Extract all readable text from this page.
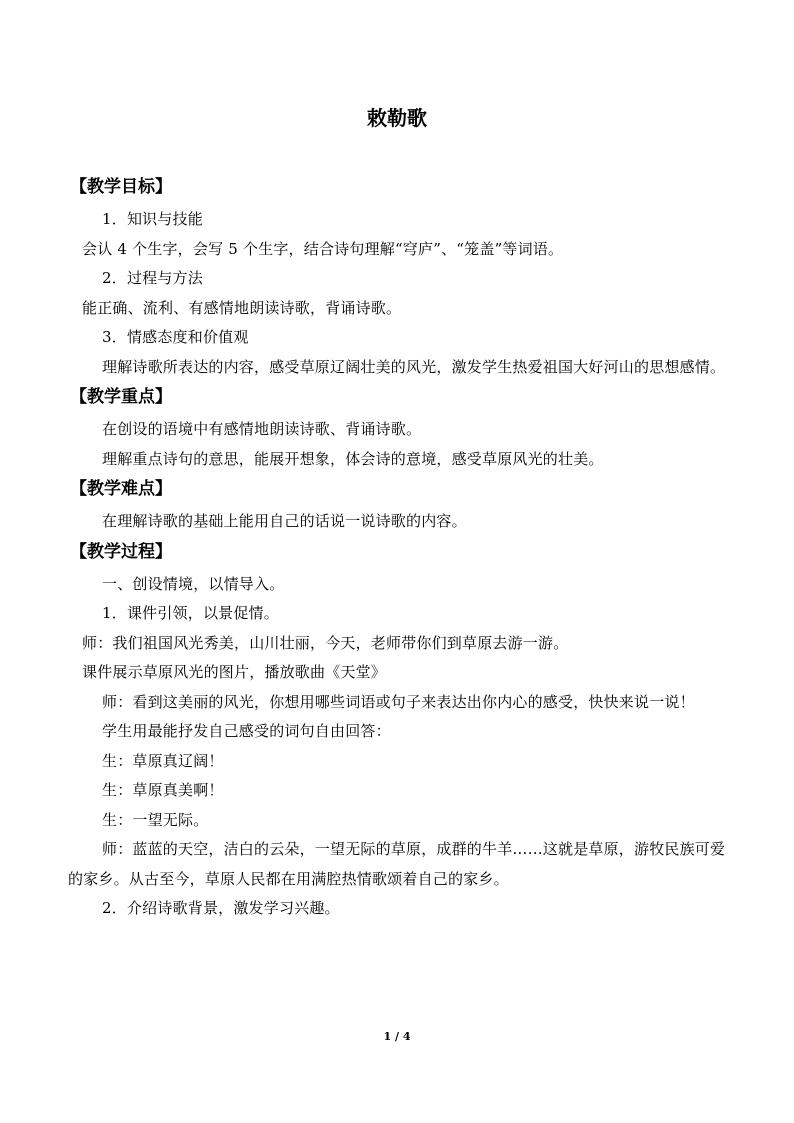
敕勒歌
【教学目标】

1．知识与技能

会认 4 个生字，会写 5 个生字，结合诗句理解“穹庐”、“笼盖”等词语。

2．过程与方法

能正确、流利、有感情地朗读诗歌，背诵诗歌。

3．情感态度和价值观

理解诗歌所表达的内容，感受草原辽阔壮美的风光，激发学生热爱祖国大好河山的思想感情。

【教学重点】

在创设的语境中有感情地朗读诗歌、背诵诗歌。

理解重点诗句的意思，能展开想象，体会诗的意境，感受草原风光的壮美。

【教学难点】

在理解诗歌的基础上能用自己的话说一说诗歌的内容。

【教学过程】

一、创设情境，以情导入。

1．课件引领，以景促情。

师：我们祖国风光秀美，山川壮丽，今天，老师带你们到草原去游一游。

课件展示草原风光的图片，播放歌曲《天堂》

师：看到这美丽的风光，你想用哪些词语或句子来表达出你内心的感受，快快来说一说！

学生用最能抒发自己感受的词句自由回答：

生：草原真辽阔！

生：草原真美啊！

生：一望无际。

师：蓝蓝的天空，洁白的云朵，一望无际的草原，成群的牛羊……这就是草原，游牧民族可爱的家乡。从古至今，草原人民都在用满腔热情歌颂着自己的家乡。

2．介绍诗歌背景，激发学习兴趣。

1 / 4
